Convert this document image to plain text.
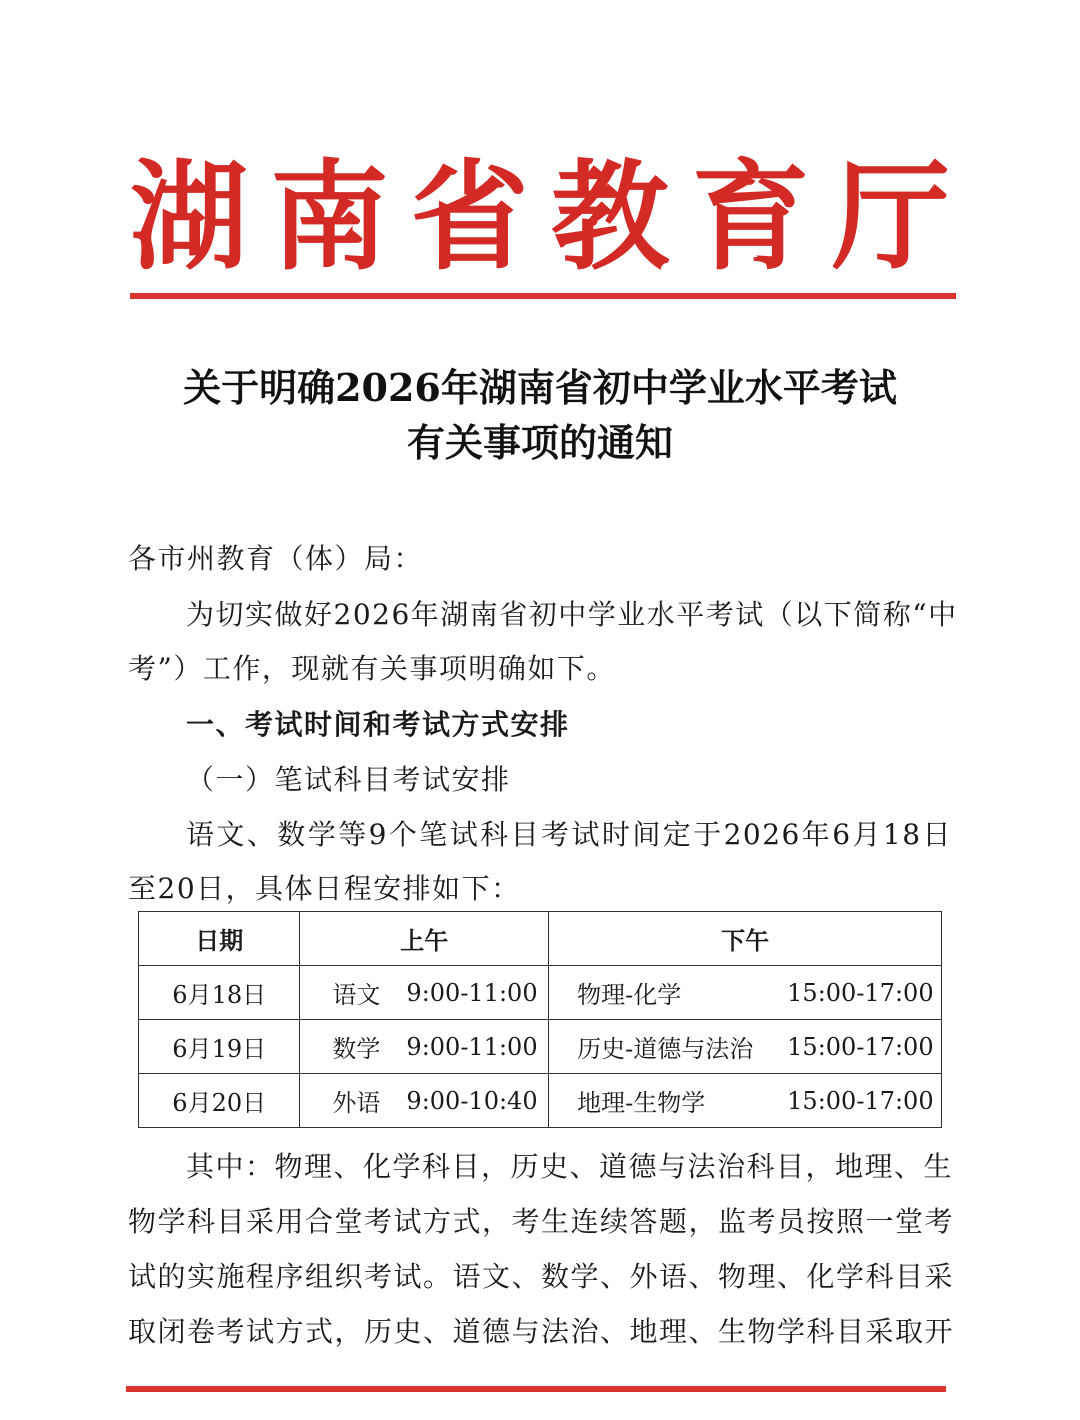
湖 南 省 教 育 厅
关于明确2026年湖南省初中学业水平考试
有关事项的通知
各市州教育（体）局：
为切实做好2026年湖南省初中学业水平考试（以下简称“中
考”）工作，现就有关事项明确如下。
一、考试时间和考试方式安排
（一）笔试科目考试安排
语文、数学等9个笔试科目考试时间定于2026年6月18日
至20日，具体日程安排如下：
日期	上午	下午
6月18日	语文 9:00-11:00	物理-化学 15:00-17:00

6月19日	数学 9:00-11:00	历史-道德与法治 15:00-17:00

6月20日	外语 9:00-10:40	地理-生物学 15:00-17:00
其中：物理、化学科目，历史、道德与法治科目，地理、生
物学科目采用合堂考试方式，考生连续答题，监考员按照一堂考
试的实施程序组织考试。语文、数学、外语、物理、化学科目采
取闭卷考试方式，历史、道德与法治、地理、生物学科目采取开
